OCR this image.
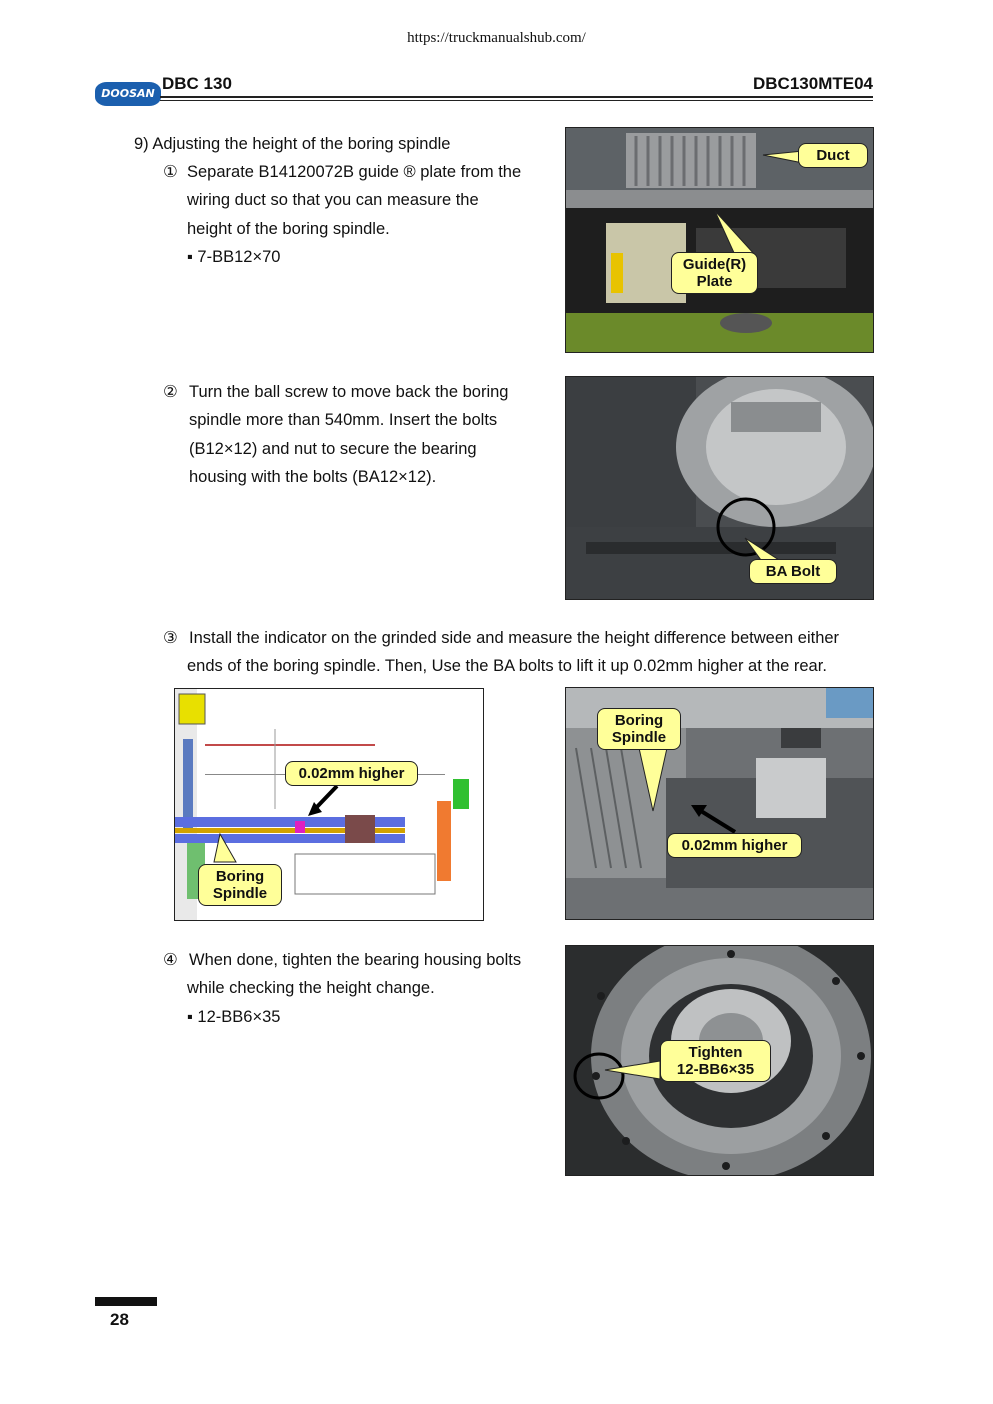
https://truckmanualshub.com/
DOOSAN
DBC 130	DBC130MTE04
9) Adjusting the height of the boring spindle
① Separate B14120072B guide ® plate from the
wiring duct so that you can measure the
height of the boring spindle.
▪ 7-BB12×70
Duct
Guide(R)
Plate
② Turn the ball screw to move back the boring
spindle more than 540mm. Insert the bolts
(B12×12) and nut to secure the bearing
housing with the bolts (BA12×12).
BA Bolt
③ Install the indicator on the grinded side and measure the height difference between either
ends of the boring spindle. Then, Use the BA bolts to lift it up 0.02mm higher at the rear.
0.02mm higher
Boring
Spindle
Boring
Spindle
0.02mm higher
④ When done, tighten the bearing housing bolts
while checking the height change.
▪ 12-BB6×35
Tighten
12-BB6×35
28
